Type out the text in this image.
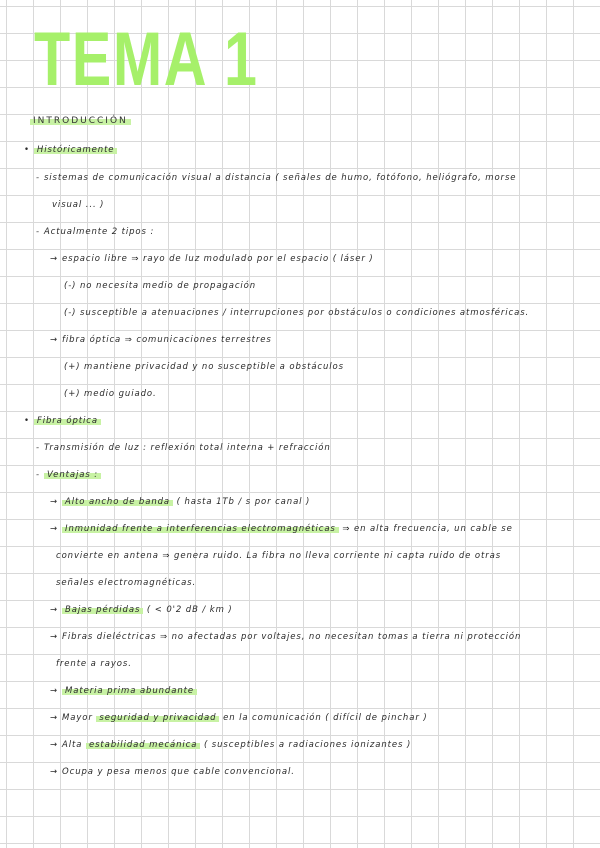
TEMA 1
INTRODUCCIÓN
• Históricamente
- sistemas de comunicación visual a distancia ( señales de humo, fotófono, heliógrafo, morse
visual ... )
- Actualmente 2 tipos :
→ espacio libre ⇒ rayo de luz modulado por el espacio ( láser )
(-) no necesita medio de propagación
(-) susceptible a atenuaciones / interrupciones por obstáculos o condiciones atmosféricas.
→ fibra óptica ⇒ comunicaciones terrestres
(+) mantiene privacidad y no susceptible a obstáculos
(+) medio guiado.
• Fibra óptica
- Transmisión de luz : reflexión total interna + refracción
- Ventajas :
→ Alto ancho de banda ( hasta 1Tb / s por canal )
→ Inmunidad frente a interferencias electromagnéticas ⇒ en alta frecuencia, un cable se
convierte en antena ⇒ genera ruido. La fibra no lleva corriente ni capta ruido de otras
señales electromagnéticas.
→ Bajas pérdidas ( < 0'2 dB / km )
→ Fibras dieléctricas ⇒ no afectadas por voltajes, no necesitan tomas a tierra ni protección
frente a rayos.
→ Materia prima abundante
→ Mayor seguridad y privacidad en la comunicación ( difícil de pinchar )
→ Alta estabilidad mecánica ( susceptibles a radiaciones ionizantes )
→ Ocupa y pesa menos que cable convencional.
